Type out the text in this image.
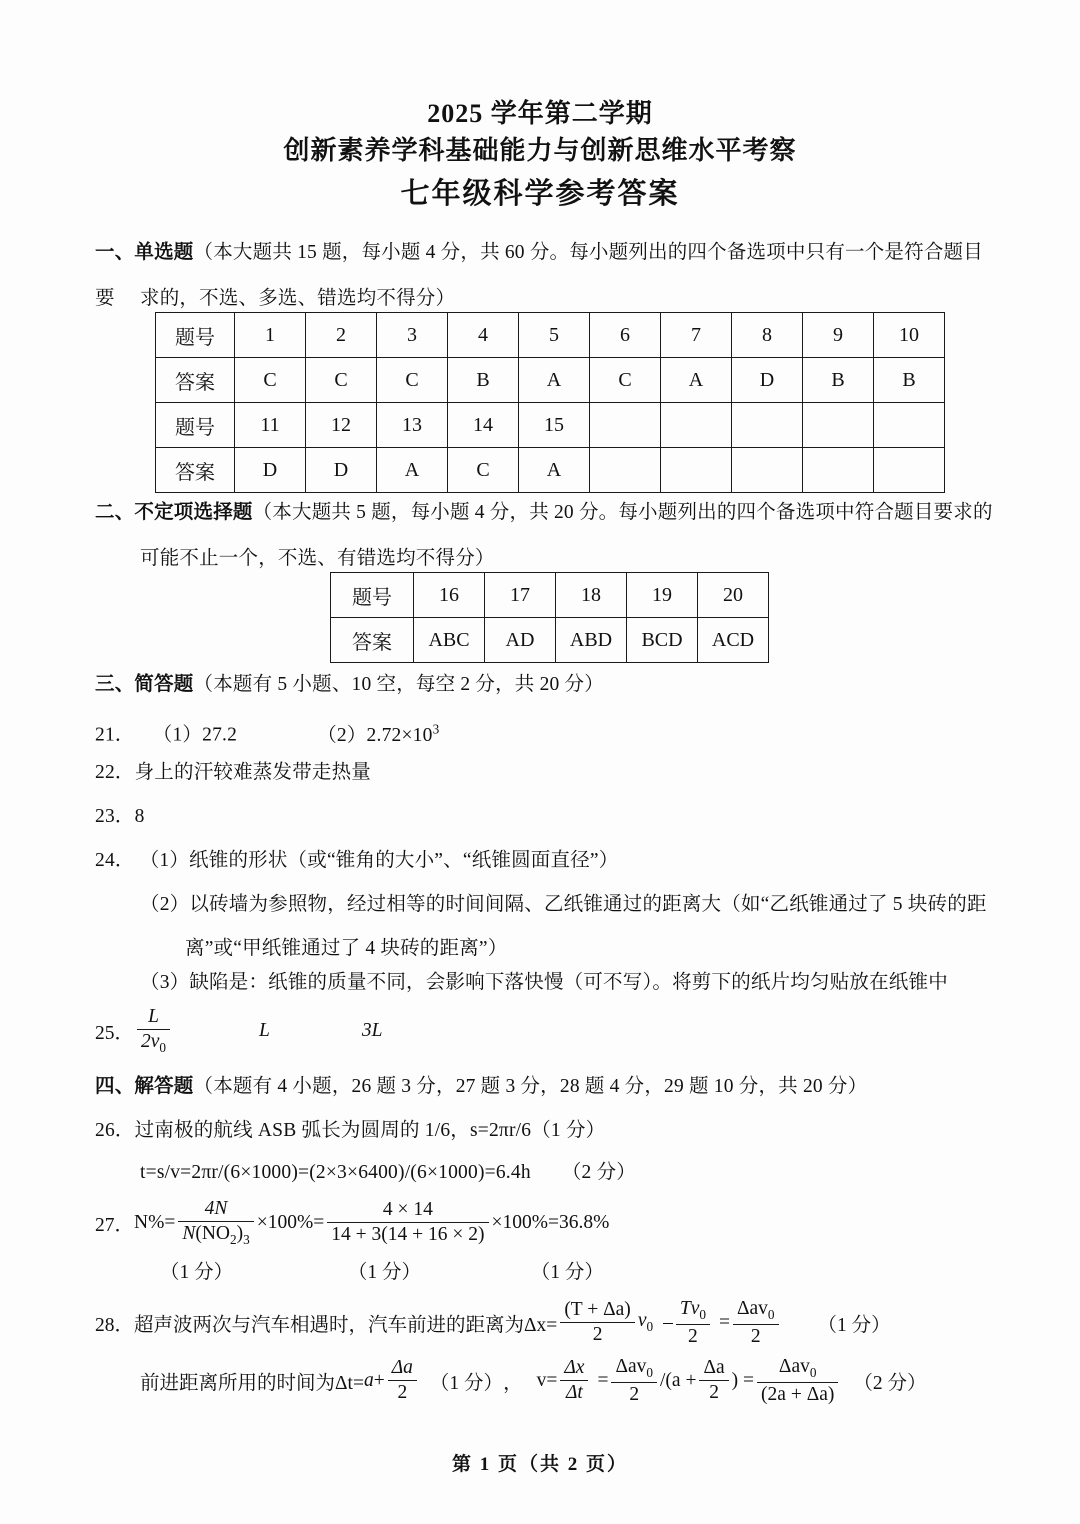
2025 学年第二学期
创新素养学科基础能力与创新思维水平考察
七年级科学参考答案
一、单选题（本大题共 15 题，每小题 4 分，共 60 分。每小题列出的四个备选项中只有一个是符合题目要	求的，不选、多选、错选均不得分）
题号	1	2	3	4	5	6	7	8	9	10
答案	C	C	C	B	A	C	A	D	B	B
题号	11	12	13	14	15					
答案	D	D	A	C	A					
二、不定项选择题（本大题共 5 题，每小题 4 分，共 20 分。每小题列出的四个备选项中符合题目要求的
可能不止一个，不选、有错选均不得分）
题号	16	17	18	19	20
答案	ABC	AD	ABD	BCD	ACD
三、简答题（本题有 5 小题、10 空，每空 2 分，共 20 分）
21． （1）27.2	$(2)2.72\times 10^3$
22．身上的汗较难蒸发带走热量
23．8
24． （1）纸锥的形状（或“锥角的大小”、“纸锥圆面直径”）
（2）以砖墙为参照物，经过相等的时间间隔、乙纸锥通过的距离大（如“乙纸锥通过了 5 块砖的距
离”或“甲纸锥通过了 4 块砖的距离”）
（3）缺陷是：纸锥的质量不同，会影响下落快慢（可不写）。将剪下的纸片均匀贴放在纸锥中
25． $\frac{L}{2v_0}$	L	3L
四、解答题（本题有 4 小题，26 题 3 分，27 题 3 分，28 题 4 分，29 题 10 分，共 20 分）
26．过南极的航线 ASB 弧长为圆周的 1/6，s=2πr/6（1 分）
t=s/v=2πr/(6×1000)=(2×3×6400)/(6×1000)=6.4h （2 分）
27． $N\%= \frac{4N}{N(NO_2)_3} \times 100\%= \frac{4 \times 14}{14 + 3(14 + 16 \times 2)} \times 100\%=36.8\%$
（1 分）	（1 分）	（1 分）
28． 超声波两次与汽车相遇时，汽车前进的距离为$\Delta x= \frac{(T + \Delta a)}{2} v_0 - \frac{Tv_0}{2} = \frac{\Delta av_0}{2} (1$ 分）
前进距离所用的时间为$\Delta t= a + \frac{\Delta a}{2} (1$ 分） ， $v= \frac{\Delta x}{\Delta t} = \frac{\Delta av_0}{2} /(a + \frac{\Delta a}{2}$ ) = $\frac{\Delta av_0}{(2a + \Delta a)} (2$ 分）
第 1 页（共 2 页）
